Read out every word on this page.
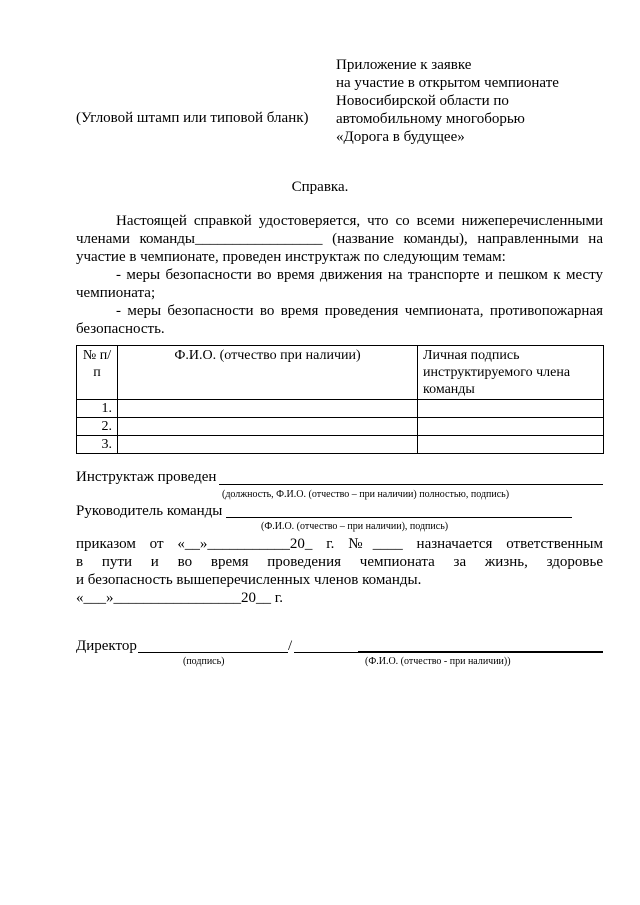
Приложение к заявке
на участие в открытом чемпионате
Новосибирской области по
автомобильному многоборью
«Дорога в будущее»
(Угловой штамп или типовой бланк)
Справка.

Настоящей справкой удостоверяется, что со всеми нижеперечисленными

членами команды_________________ (название команды), направленными на

участие в чемпионате, проведен инструктаж по следующим темам:

- меры безопасности во время движения на транспорте и пешком к месту

чемпионата;

- меры безопасности во время проведения чемпионата, противопожарная

безопасность.

№ п/п	Ф.И.О. (отчество при наличии)	Личная подпись инструктируемого члена команды
1.		
2.		
3.		
Инструктаж проведен
(должность, Ф.И.О. (отчество – при наличии) полностью, подпись)
Руководитель команды
(Ф.И.О. (отчество – при наличии), подпись)
приказом от «__»___________20_ г. №____ назначается ответственным
в пути и во время проведения чемпионата за жизнь, здоровье
и безопасность вышеперечисленных членов команды.
«___»_________________20__ г.
Директор	/
(подпись)	(Ф.И.О. (отчество - при наличии))
